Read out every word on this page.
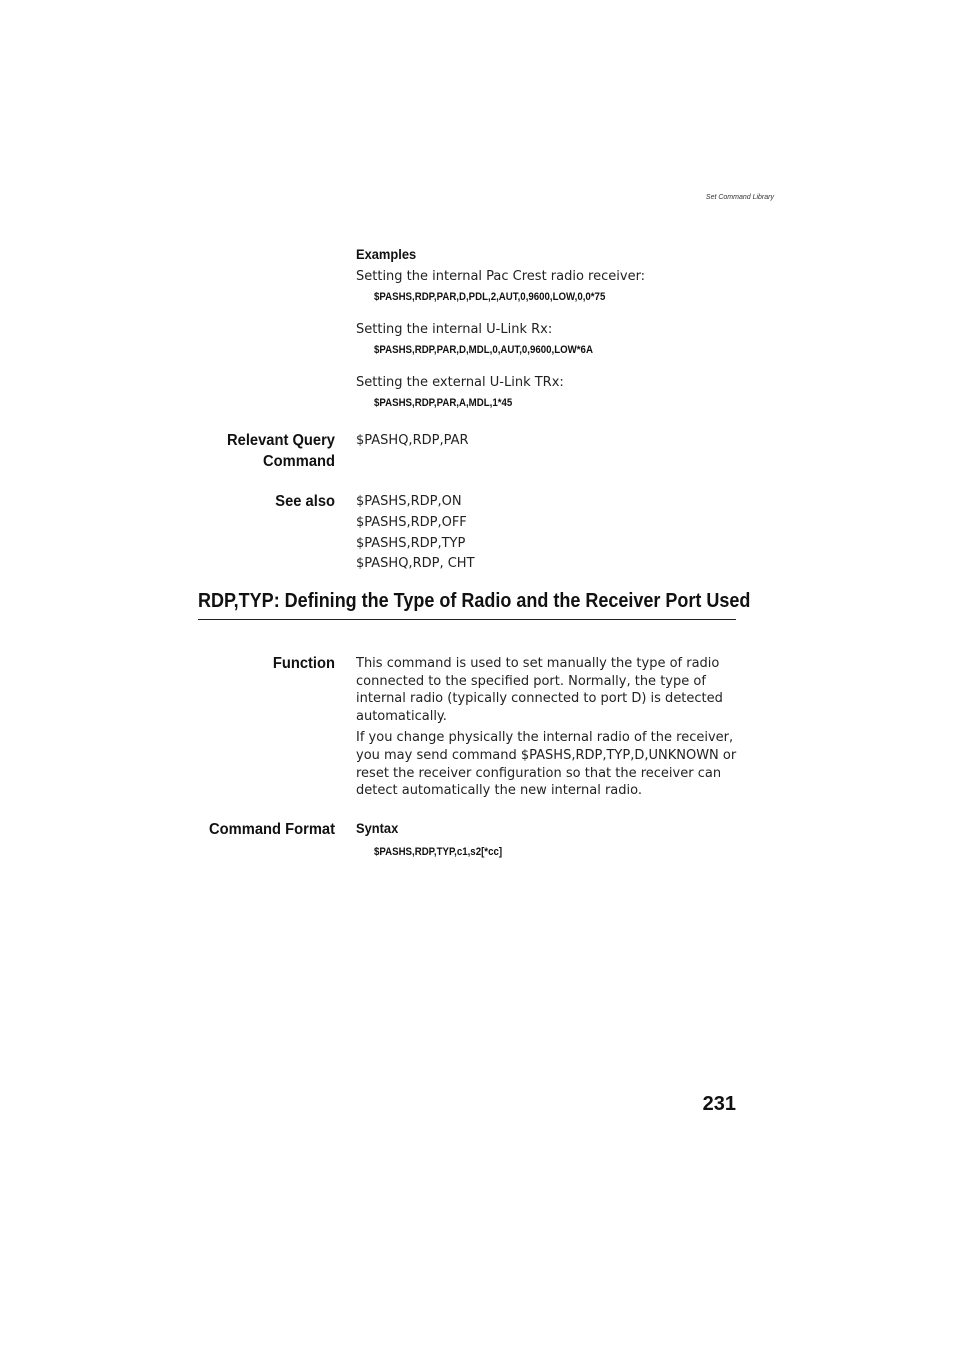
Set Command Library
Examples
Setting the internal Pac Crest radio receiver:
$PASHS,RDP,PAR,D,PDL,2,AUT,0,9600,LOW,0,0*75
Setting the internal U-Link Rx:
$PASHS,RDP,PAR,D,MDL,0,AUT,0,9600,LOW*6A
Setting the external U-Link TRx:
$PASHS,RDP,PAR,A,MDL,1*45
Relevant Query
Command
$PASHQ,RDP,PAR
See also $PASHS,RDP,ON
$PASHS,RDP,OFF
$PASHS,RDP,TYP
$PASHQ,RDP, CHT
RDP,TYP: Defining the Type of Radio and the Receiver Port Used
Function This command is used to set manually the type of radio connected to the specified port. Normally, the type of internal radio (typically connected to port D) is detected automatically.

If you change physically the internal radio of the receiver, you may send command $PASHS,RDP,TYP,D,UNKNOWN or reset the receiver configuration so that the receiver can detect automatically the new internal radio.

Command Format Syntax
$PASHS,RDP,TYP,c1,s2[*cc]
231
